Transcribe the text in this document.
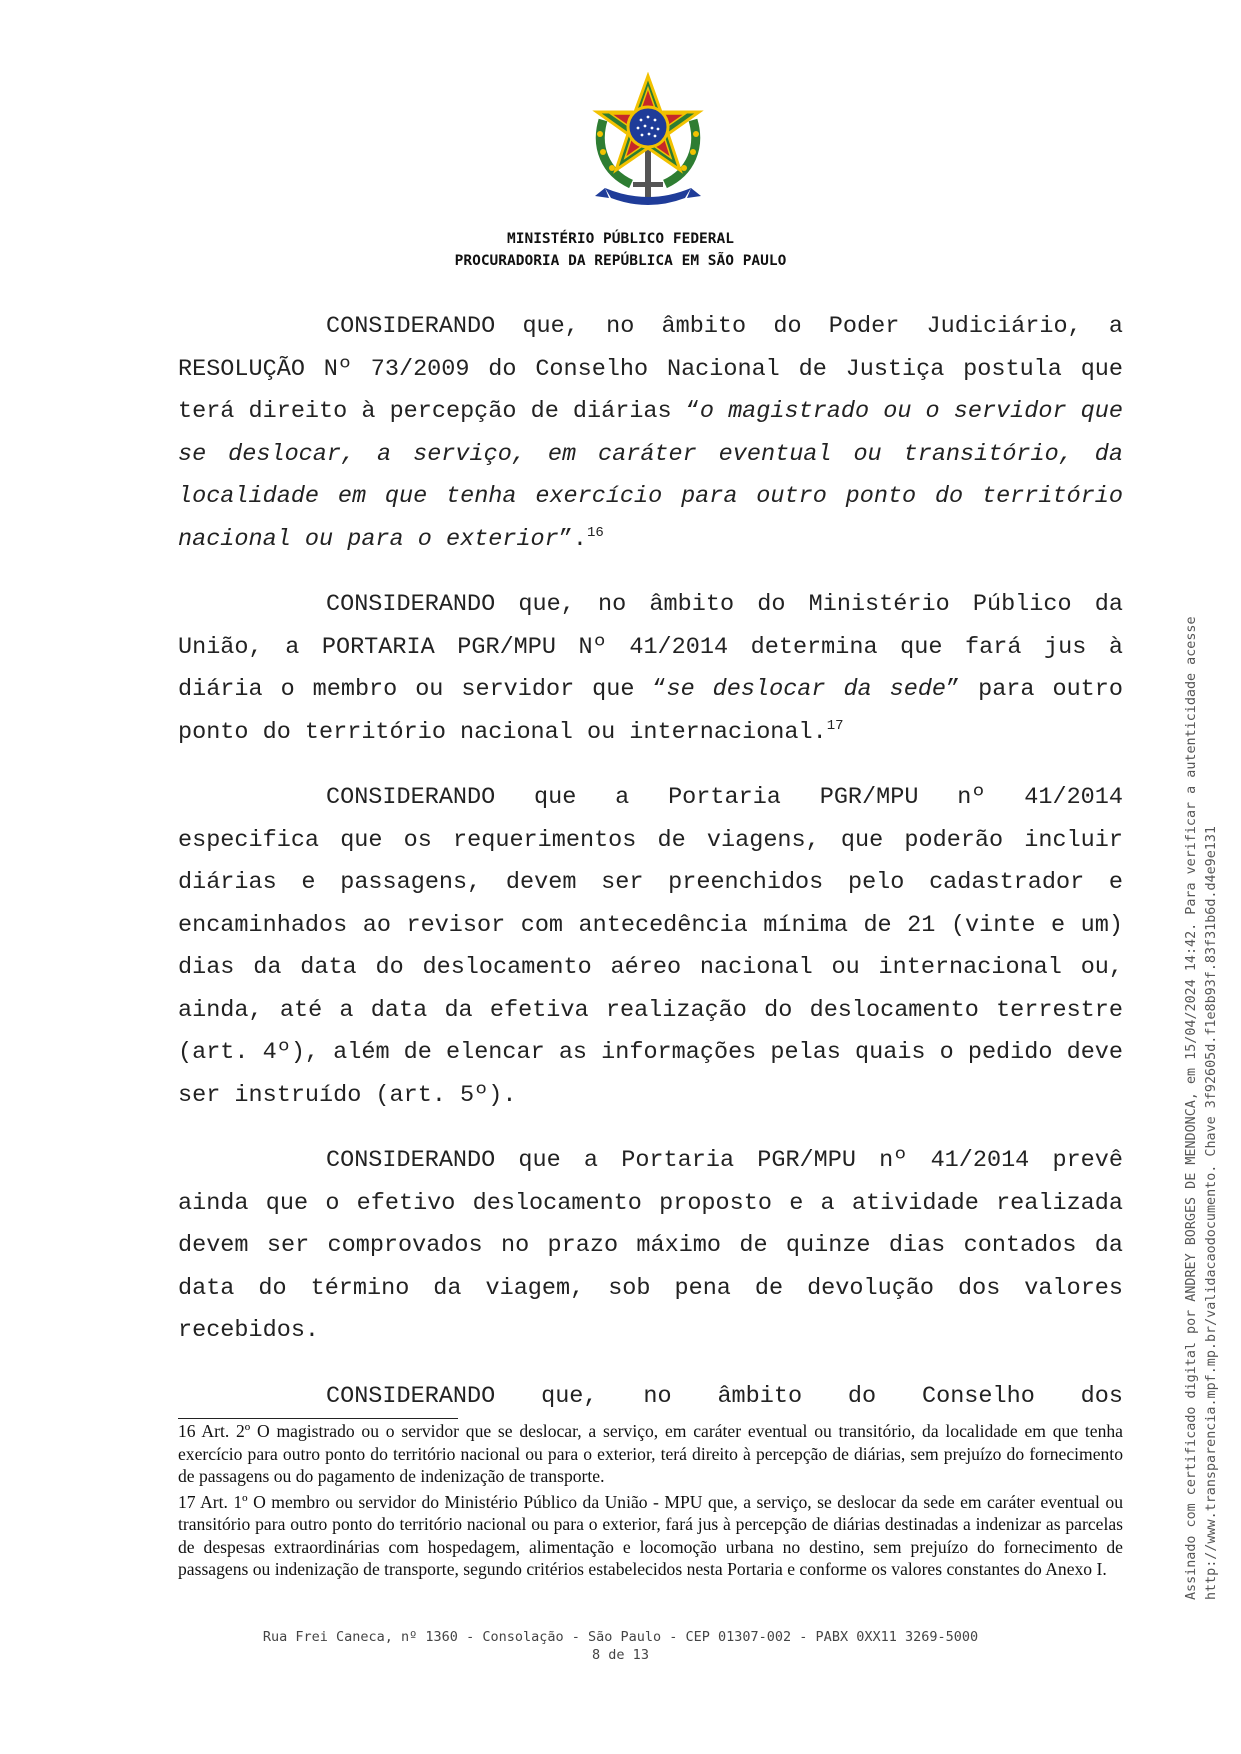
MINISTÉRIO PÚBLICO FEDERAL
PROCURADORIA DA REPÚBLICA EM SÃO PAULO

CONSIDERANDO que, no âmbito do Poder Judiciário, a RESOLUÇÃO Nº 73/2009 do Conselho Nacional de Justiça postula que terá direito à percepção de diárias “o magistrado ou o servidor que se deslocar, a serviço, em caráter eventual ou transitório, da localidade em que tenha exercício para outro ponto do território nacional ou para o exterior”.$^{16}$

CONSIDERANDO que, no âmbito do Ministério Público da União, a PORTARIA PGR/MPU Nº 41/2014 determina que fará jus à diária o membro ou servidor que “se deslocar da sede” para outro ponto do território nacional ou internacional.$^{17}$

CONSIDERANDO que a Portaria PGR/MPU nº 41/2014 especifica que os requerimentos de viagens, que poderão incluir diárias e passagens, devem ser preenchidos pelo cadastrador e encaminhados ao revisor com antecedência mínima de 21 (vinte e um) dias da data do deslocamento aéreo nacional ou internacional ou, ainda, até a data da efetiva realização do deslocamento terrestre (art. 4º), além de elencar as informações pelas quais o pedido deve ser instruído (art. 5º).

CONSIDERANDO que a Portaria PGR/MPU nº 41/2014 prevê ainda que o efetivo deslocamento proposto e a atividade realizada devem ser comprovados no prazo máximo de quinze dias contados da data do término da viagem, sob pena de devolução dos valores recebidos.

CONSIDERANDO que, no âmbito do Conselho dos

16 Art. 2º O magistrado ou o servidor que se deslocar, a serviço, em caráter eventual ou transitório, da localidade em que tenha exercício para outro ponto do território nacional ou para o exterior, terá direito à percepção de diárias, sem prejuízo do fornecimento de passagens ou do pagamento de indenização de transporte.

17 Art. 1º O membro ou servidor do Ministério Público da União - MPU que, a serviço, se deslocar da sede em caráter eventual ou transitório para outro ponto do território nacional ou para o exterior, fará jus à percepção de diárias destinadas a indenizar as parcelas de despesas extraordinárias com hospedagem, alimentação e locomoção urbana no destino, sem prejuízo do fornecimento de passagens ou indenização de transporte, segundo critérios estabelecidos nesta Portaria e conforme os valores constantes do Anexo I.

Rua Frei Caneca, nº 1360 - Consolação - São Paulo - CEP 01307-002 - PABX 0XX11 3269-5000
8 de 13
Assinado com certificado digital por ANDREY BORGES DE MENDONCA, em 15/04/2024 14:42. Para verificar a autenticidade acesse http://www.transparencia.mpf.mp.br/validacaodocumento. Chave 3f92605d.f1e8b93f.83f31b6d.d4e9e131
